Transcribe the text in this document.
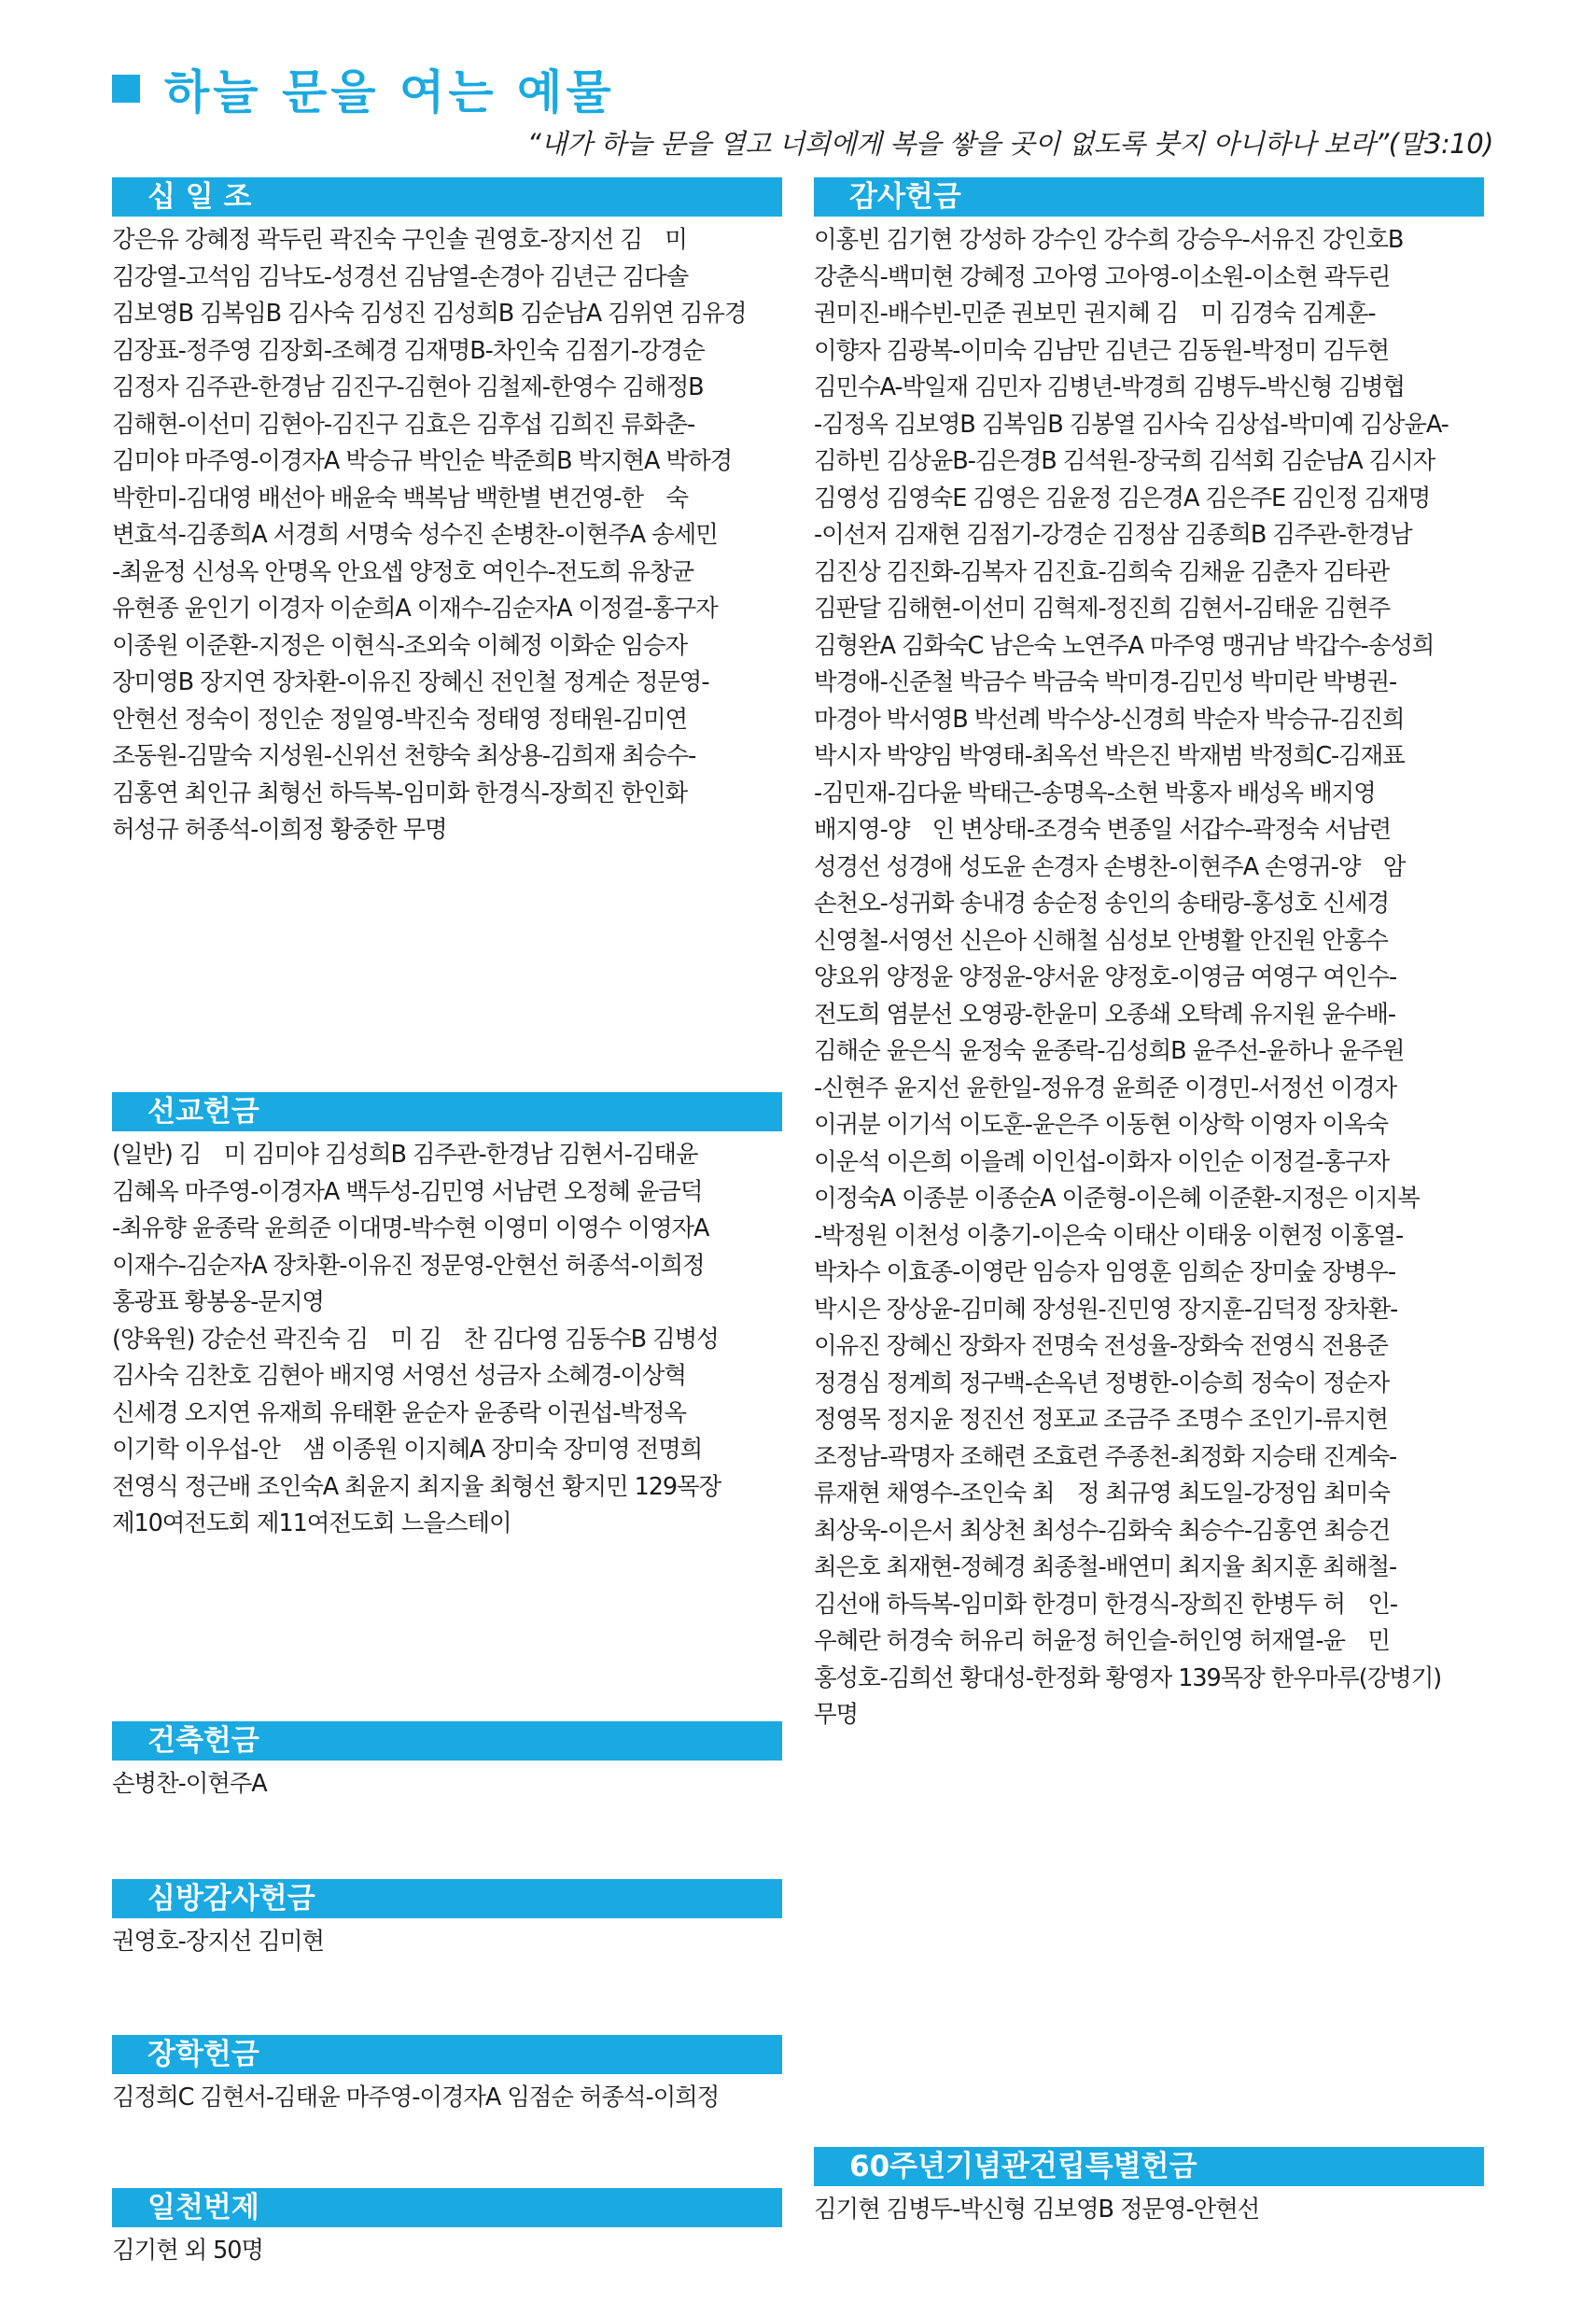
하늘 문을 여는 예물
“내가 하늘 문을 열고 너희에게 복을 쌓을 곳이 없도록 붓지 아니하나 보라”(말3:10)
십 일 조
강은유 강혜정 곽두린 곽진숙 구인솔 권영호-장지선 김　미
김강열-고석임 김낙도-성경선 김남열-손경아 김년근 김다솔
김보영B 김복임B 김사숙 김성진 김성희B 김순남A 김위연 김유경
김장표-정주영 김장회-조혜경 김재명B-차인숙 김점기-강경순
김정자 김주관-한경남 김진구-김현아 김철제-한영수 김해정B
김해현-이선미 김현아-김진구 김효은 김후섭 김희진 류화춘-
김미야 마주영-이경자A 박승규 박인순 박준희B 박지현A 박하경
박한미-김대영 배선아 배윤숙 백복남 백한별 변건영-한　숙
변효석-김종희A 서경희 서명숙 성수진 손병찬-이현주A 송세민
-최윤정 신성옥 안명옥 안요셉 양정호 여인수-전도희 유창균
유현종 윤인기 이경자 이순희A 이재수-김순자A 이정걸-홍구자
이종원 이준환-지정은 이현식-조외숙 이혜정 이화순 임승자
장미영B 장지연 장차환-이유진 장혜신 전인철 정계순 정문영-
안현선 정숙이 정인순 정일영-박진숙 정태영 정태원-김미연
조동원-김말숙 지성원-신위선 천향숙 최상용-김희재 최승수-
김홍연 최인규 최형선 하득복-임미화 한경식-장희진 한인화
허성규 허종석-이희정 황중한 무명
선교헌금
(일반) 김　미 김미야 김성희B 김주관-한경남 김현서-김태윤
김혜옥 마주영-이경자A 백두성-김민영 서남련 오정혜 윤금덕
-최유향 윤종락 윤희준 이대명-박수현 이영미 이영수 이영자A
이재수-김순자A 장차환-이유진 정문영-안현선 허종석-이희정
홍광표 황봉옹-문지영
(양육원) 강순선 곽진숙 김　미 김　찬 김다영 김동수B 김병성
김사숙 김찬호 김현아 배지영 서영선 성금자 소혜경-이상혁
신세경 오지연 유재희 유태환 윤순자 윤종락 이권섭-박정옥
이기학 이우섭-안　샘 이종원 이지혜A 장미숙 장미영 전명희
전영식 정근배 조인숙A 최윤지 최지율 최형선 황지민 129목장
제10여전도회 제11여전도회 느을스테이
건축헌금
손병찬-이현주A
심방감사헌금
권영호-장지선 김미현
장학헌금
김정희C 김현서-김태윤 마주영-이경자A 임점순 허종석-이희정
일천번제
김기현 외 50명
감사헌금
이홍빈 김기현 강성하 강수인 강수희 강승우-서유진 강인호B
강춘식-백미현 강혜정 고아영 고아영-이소원-이소현 곽두린
권미진-배수빈-민준 권보민 권지혜 김　미 김경숙 김계훈-
이향자 김광복-이미숙 김남만 김년근 김동원-박정미 김두현
김민수A-박일재 김민자 김병년-박경희 김병두-박신형 김병협
-김정옥 김보영B 김복임B 김봉열 김사숙 김상섭-박미예 김상윤A-
김하빈 김상윤B-김은경B 김석원-장국희 김석회 김순남A 김시자
김영성 김영숙E 김영은 김윤정 김은경A 김은주E 김인정 김재명
-이선저 김재현 김점기-강경순 김정삼 김종희B 김주관-한경남
김진상 김진화-김복자 김진효-김희숙 김채윤 김춘자 김타관
김판달 김해현-이선미 김혁제-정진희 김현서-김태윤 김현주
김형완A 김화숙C 남은숙 노연주A 마주영 맹귀남 박갑수-송성희
박경애-신준철 박금수 박금숙 박미경-김민성 박미란 박병권-
마경아 박서영B 박선례 박수상-신경희 박순자 박승규-김진희
박시자 박양임 박영태-최옥선 박은진 박재범 박정희C-김재표
-김민재-김다윤 박태근-송명옥-소현 박홍자 배성옥 배지영
배지영-양　인 변상태-조경숙 변종일 서갑수-곽정숙 서남련
성경선 성경애 성도윤 손경자 손병찬-이현주A 손영귀-양　암
손천오-성귀화 송내경 송순정 송인의 송태랑-홍성호 신세경
신영철-서영선 신은아 신해철 심성보 안병활 안진원 안홍수
양요위 양정윤 양정윤-양서윤 양정호-이영금 여영구 여인수-
전도희 염분선 오영광-한윤미 오종쇄 오탁례 유지원 윤수배-
김해순 윤은식 윤정숙 윤종락-김성희B 윤주선-윤하나 윤주원
-신현주 윤지선 윤한일-정유경 윤희준 이경민-서정선 이경자
이귀분 이기석 이도훈-윤은주 이동현 이상학 이영자 이옥숙
이운석 이은희 이을례 이인섭-이화자 이인순 이정걸-홍구자
이정숙A 이종분 이종순A 이준형-이은혜 이준환-지정은 이지복
-박정원 이천성 이충기-이은숙 이태산 이태웅 이현정 이홍열-
박차수 이효종-이영란 임승자 임영훈 임희순 장미숲 장병우-
박시은 장상윤-김미혜 장성원-진민영 장지훈-김덕정 장차환-
이유진 장혜신 장화자 전명숙 전성율-장화숙 전영식 전용준
정경심 정계희 정구백-손옥년 정병한-이승희 정숙이 정순자
정영목 정지윤 정진선 정포교 조금주 조명수 조인기-류지현
조정남-곽명자 조해련 조효련 주종천-최정화 지승태 진계숙-
류재현 채영수-조인숙 최　정 최규영 최도일-강정임 최미숙
최상욱-이은서 최상천 최성수-김화숙 최승수-김홍연 최승건
최은호 최재현-정혜경 최종철-배연미 최지율 최지훈 최해철-
김선애 하득복-임미화 한경미 한경식-장희진 한병두 허　인-
우혜란 허경숙 허유리 허윤정 허인슬-허인영 허재열-윤　민
홍성호-김희선 황대성-한정화 황영자 139목장 한우마루(강병기)
무명
60주년기념관건립특별헌금
김기현 김병두-박신형 김보영B 정문영-안현선
